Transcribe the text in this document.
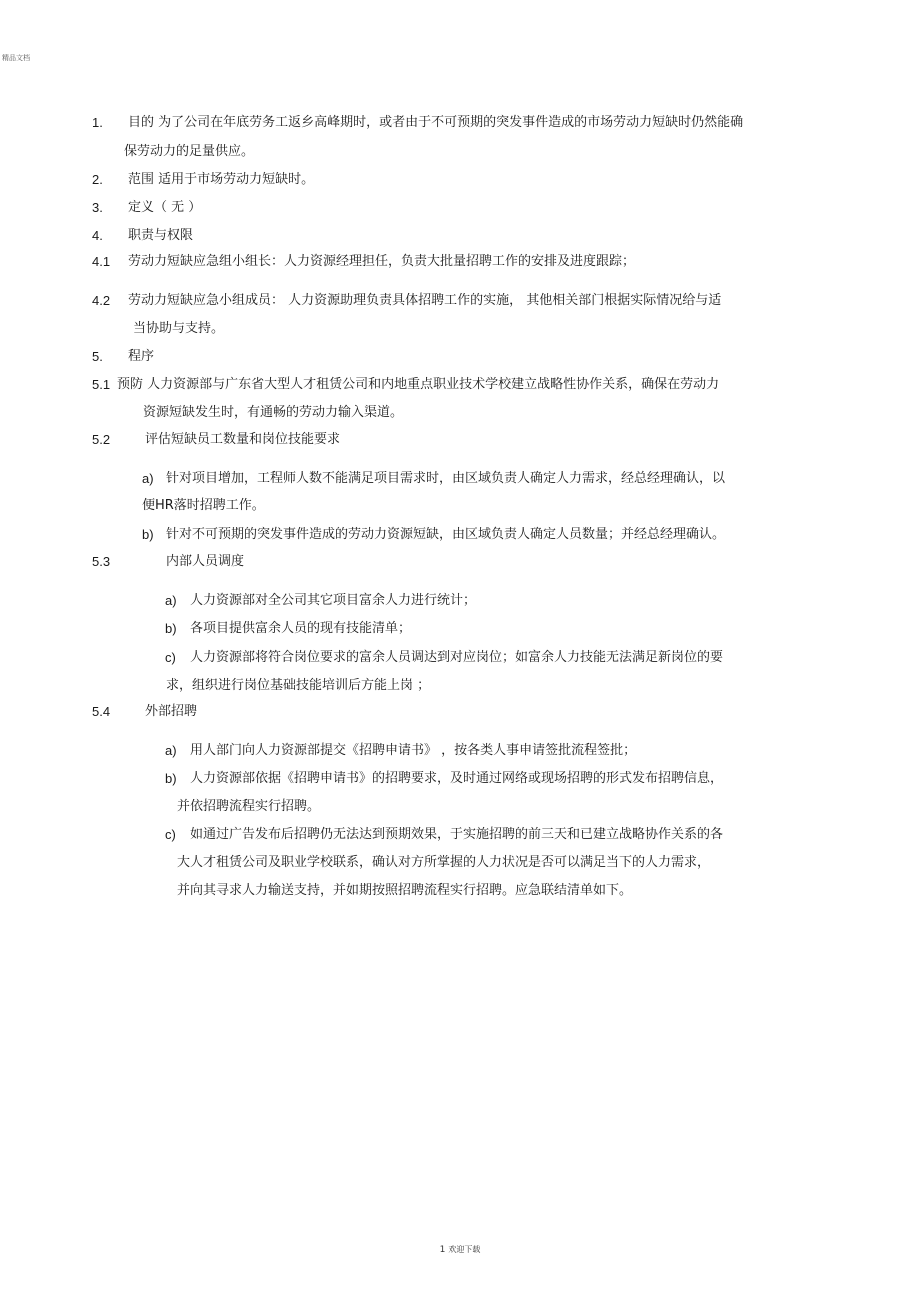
精品文档
1. 目的 为了公司在年底劳务工返乡高峰期时，或者由于不可预期的突发事件造成的市场劳动力短缺时仍然能确
保劳动力的足量供应。
2. 范围 适用于市场劳动力短缺时。
3. 定义（ 无 ）
4. 职责与权限
4.1 劳动力短缺应急组小组长：人力资源经理担任，负责大批量招聘工作的安排及进度跟踪；
4.2 劳动力短缺应急小组成员： 人力资源助理负责具体招聘工作的实施， 其他相关部门根据实际情况给与适
当协助与支持。
5. 程序
5.1 预防 人力资源部与广东省大型人才租赁公司和内地重点职业技术学校建立战略性协作关系，确保在劳动力
资源短缺发生时，有通畅的劳动力输入渠道。
5.2	评估短缺员工数量和岗位技能要求
a) 针对项目增加，工程师人数不能满足项目需求时，由区域负责人确定人力需求，经总经理确认，以
便HR落时招聘工作。
b) 针对不可预期的突发事件造成的劳动力资源短缺，由区域负责人确定人员数量；并经总经理确认。
5.3	内部人员调度
a) 人力资源部对全公司其它项目富余人力进行统计；
b) 各项目提供富余人员的现有技能清单；
c) 人力资源部将符合岗位要求的富余人员调达到对应岗位；如富余人力技能无法满足新岗位的要
求，组织进行岗位基础技能培训后方能上岗 ；
5.4	外部招聘
a) 用人部门向人力资源部提交《招聘申请书》 ，按各类人事申请签批流程签批；
b) 人力资源部依据《招聘申请书》的招聘要求，及时通过网络或现场招聘的形式发布招聘信息，
并依招聘流程实行招聘。
c) 如通过广告发布后招聘仍无法达到预期效果，于实施招聘的前三天和已建立战略协作关系的各
大人才租赁公司及职业学校联系，确认对方所掌握的人力状况是否可以满足当下的人力需求，
并向其寻求人力输送支持，并如期按照招聘流程实行招聘。应急联结清单如下。
1 欢迎下载
